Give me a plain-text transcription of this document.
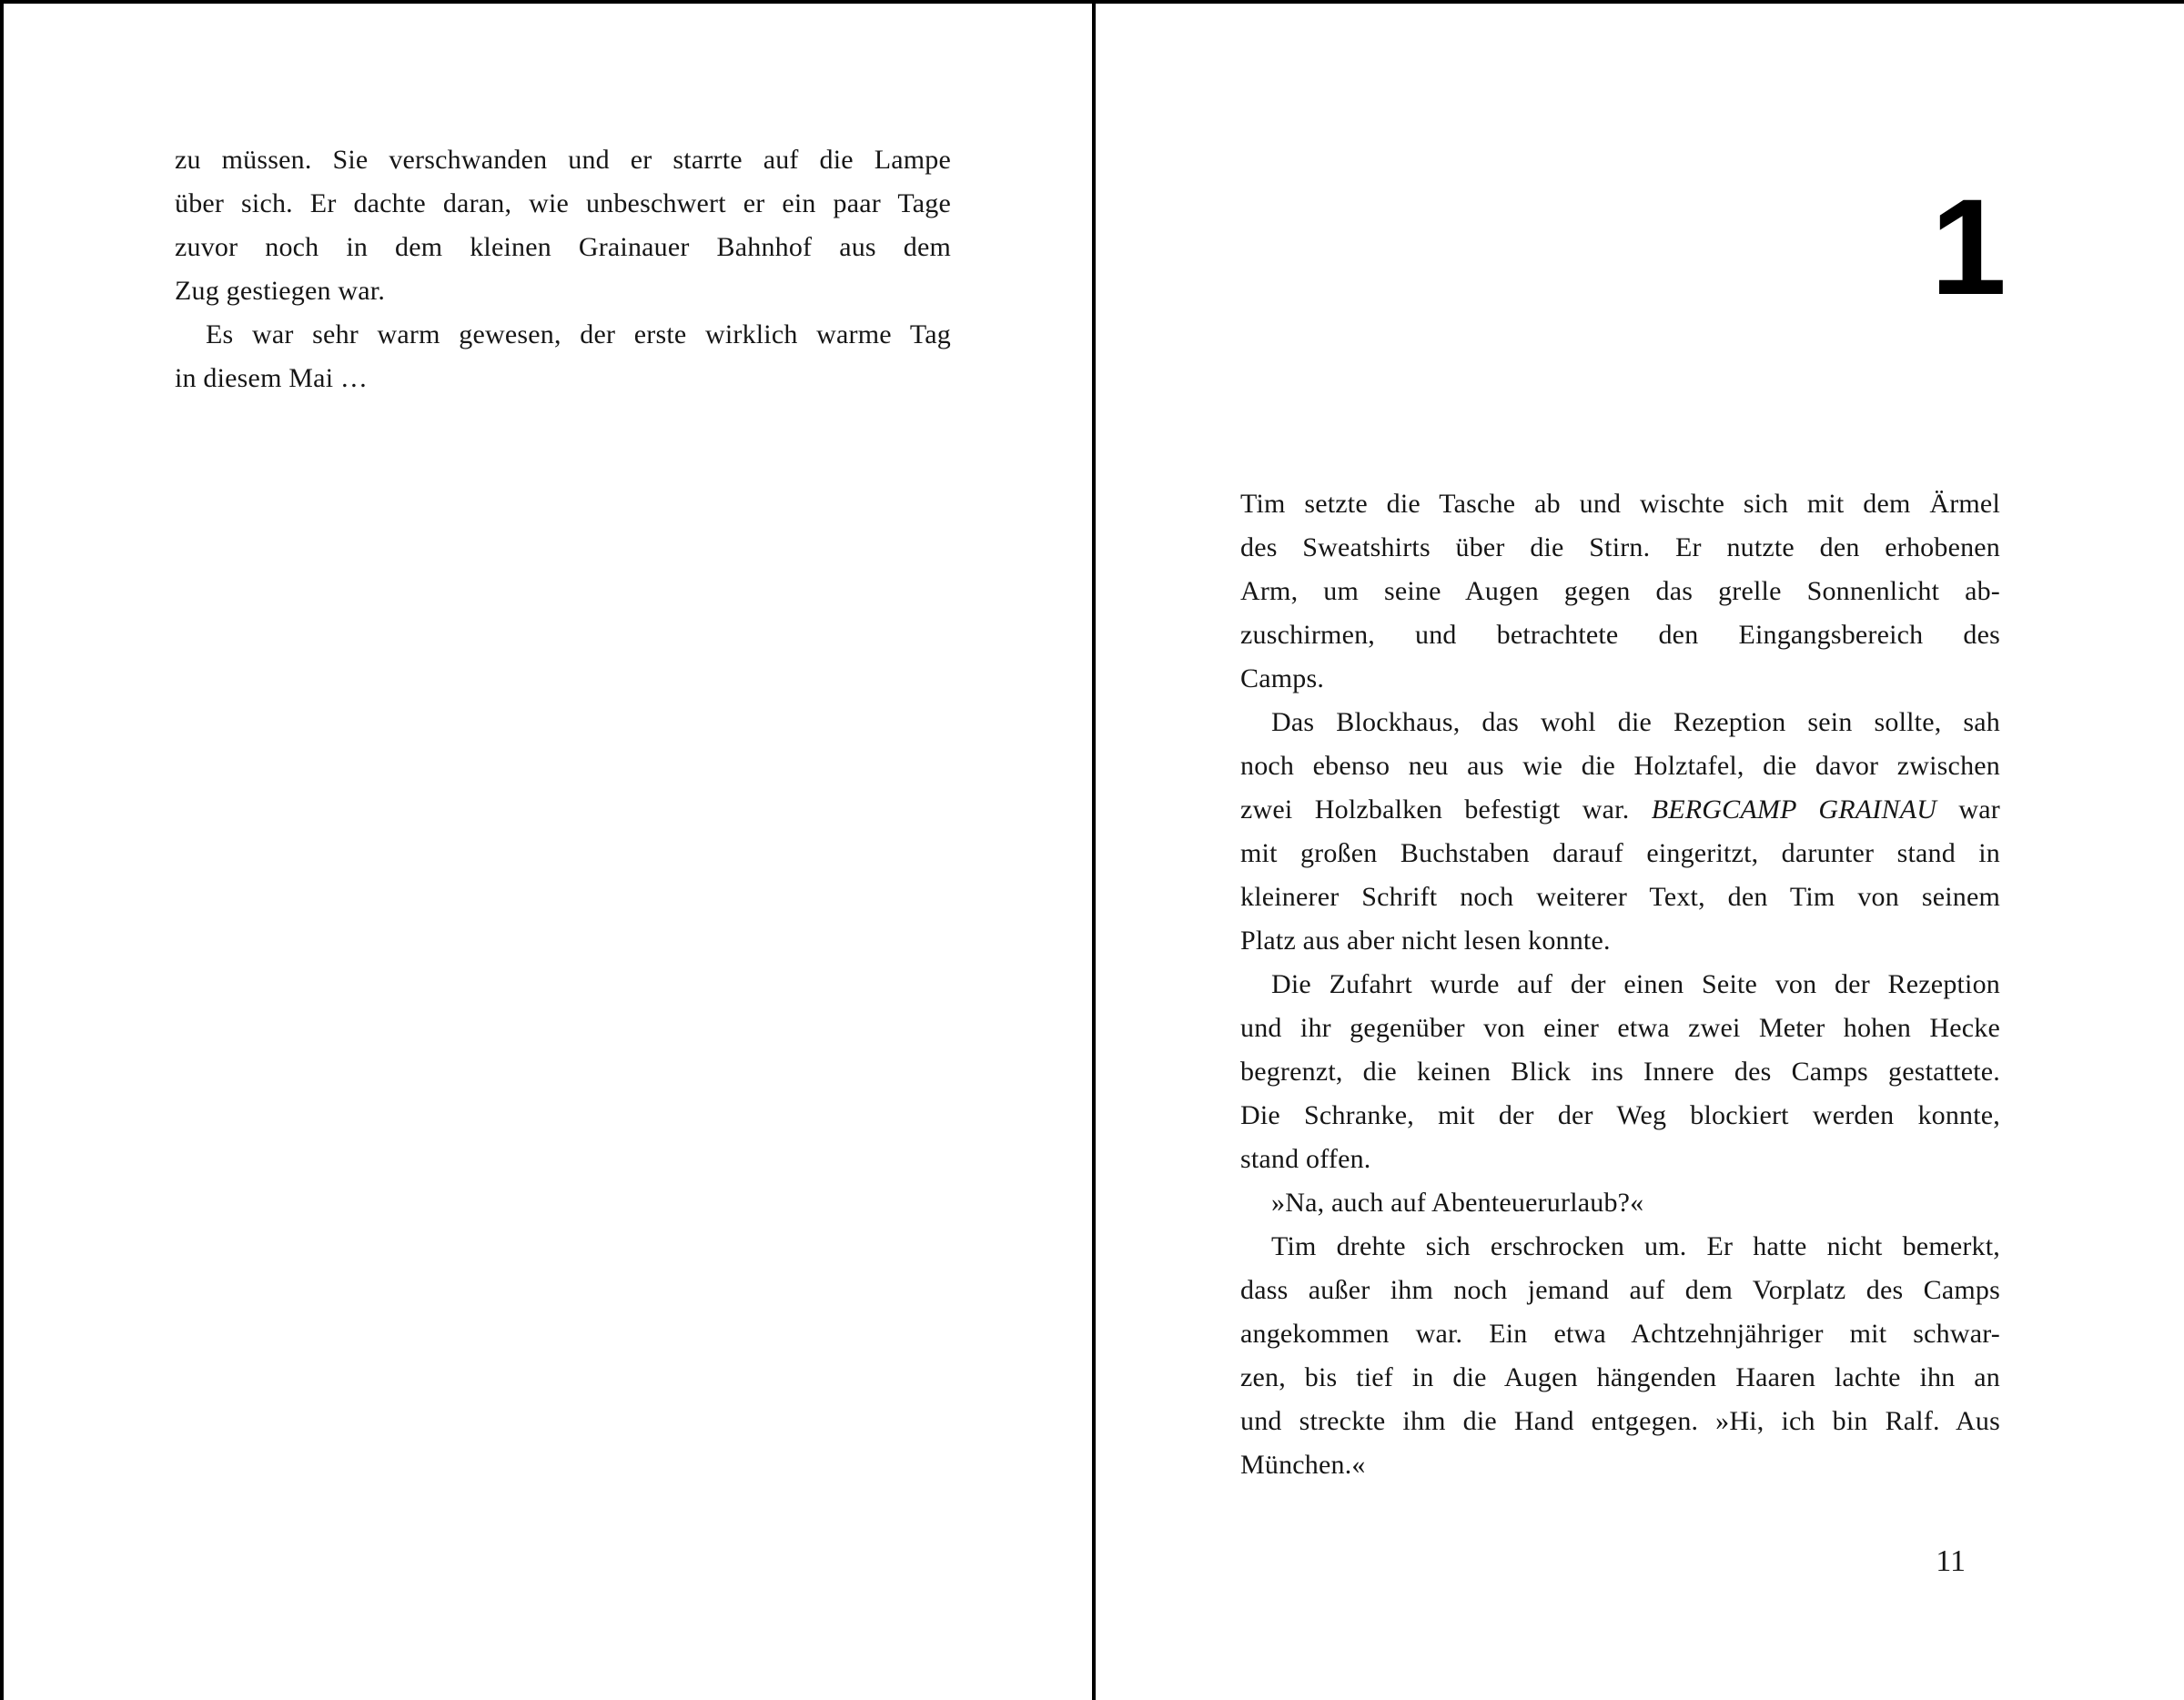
zu müssen. Sie verschwanden und er starrte auf die Lampe
über sich. Er dachte daran, wie unbeschwert er ein paar Tage
zuvor noch in dem kleinen Grainauer Bahnhof aus dem
Zug gestiegen war.
Es war sehr warm gewesen, der erste wirklich warme Tag
in diesem Mai …
1
Tim setzte die Tasche ab und wischte sich mit dem Ärmel
des Sweatshirts über die Stirn. Er nutzte den erhobenen
Arm, um seine Augen gegen das grelle Sonnenlicht ab-
zuschirmen, und betrachtete den Eingangsbereich des
Camps.
Das Blockhaus, das wohl die Rezeption sein sollte, sah
noch ebenso neu aus wie die Holztafel, die davor zwischen
zwei Holzbalken befestigt war. BERGCAMP GRAINAU war
mit großen Buchstaben darauf eingeritzt, darunter stand in
kleinerer Schrift noch weiterer Text, den Tim von seinem
Platz aus aber nicht lesen konnte.
Die Zufahrt wurde auf der einen Seite von der Rezeption
und ihr gegenüber von einer etwa zwei Meter hohen Hecke
begrenzt, die keinen Blick ins Innere des Camps gestattete.
Die Schranke, mit der der Weg blockiert werden konnte,
stand offen.
»Na, auch auf Abenteuerurlaub?«
Tim drehte sich erschrocken um. Er hatte nicht bemerkt,
dass außer ihm noch jemand auf dem Vorplatz des Camps
angekommen war. Ein etwa Achtzehnjähriger mit schwar-
zen, bis tief in die Augen hängenden Haaren lachte ihn an
und streckte ihm die Hand entgegen. »Hi, ich bin Ralf. Aus
München.«
11
